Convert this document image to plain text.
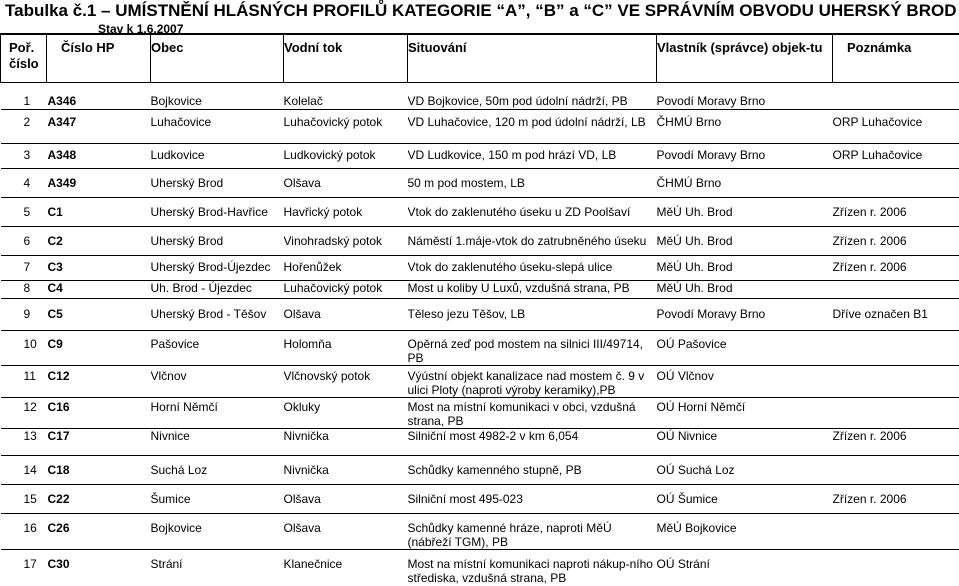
Tabulka č.1 – UMÍSTNĚNÍ HLÁSNÝCH PROFILŮ KATEGORIE “A”, “B” a “C” VE SPRÁVNÍM OBVODU UHERSKÝ BROD
Stav k 1.6.2007
Poř. číslo	Číslo HP	Obec	Vodní tok	Situování	Vlastník (správce) objek-tu	Poznámka
1	A346	Bojkovice	Kolelač	VD Bojkovice, 50m pod údolní nádrží, PB	Povodí Moravy Brno	
2	A347	Luhačovice	Luhačovický potok	VD Luhačovice, 120 m pod údolní nádrží, LB	ČHMÚ Brno	ORP Luhačovice
3	A348	Ludkovice	Ludkovický potok	VD Ludkovice, 150 m pod hrází VD, LB	Povodí Moravy Brno	ORP Luhačovice
4	A349	Uherský Brod	Olšava	50 m pod mostem, LB	ČHMÚ Brno	
5	C1	Uherský Brod-Havřice	Havřický potok	Vtok do zaklenutého úseku u ZD Poolšaví	MěÚ Uh. Brod	Zřízen r. 2006
6	C2	Uherský Brod	Vinohradský potok	Náměstí 1.máje-vtok do zatrubněného úseku	MěÚ Uh. Brod	Zřízen r. 2006
7	C3	Uherský Brod-Újezdec	Hořenůžek	Vtok do zaklenutého úseku-slepá ulice	MěÚ Uh. Brod	Zřízen r. 2006
8	C4	Uh. Brod - Újezdec	Luhačovický potok	Most u koliby U Luxů, vzdušná strana, PB	MěÚ Uh. Brod	
9	C5	Uherský Brod - Těšov	Olšava	Těleso jezu Těšov, LB	Povodí Moravy Brno	Dříve označen B1
10	C9	Pašovice	Holomňa	Opěrná zeď pod mostem na silnici III/49714, PB	OÚ Pašovice	
11	C12	Vlčnov	Vlčnovský potok	Výústní objekt kanalizace nad mostem č. 9 v ulici Ploty (naproti výroby keramiky),PB	OÚ Vlčnov	
12	C16	Horní Němčí	Okluky	Most na místní komunikaci v obci, vzdušná strana, PB	OÚ Horní Němčí	
13	C17	Nivnice	Nivnička	Silniční most 4982-2 v km 6,054	OÚ Nivnice	Zřízen r. 2006
14	C18	Suchá Loz	Nivnička	Schůdky kamenného stupně, PB	OÚ Suchá Loz	
15	C22	Šumice	Olšava	Silniční most 495-023	OÚ Šumice	Zřízen r. 2006
16	C26	Bojkovice	Olšava	Schůdky kamenné hráze, naproti MěÚ (nábřeží TGM), PB	MěÚ Bojkovice	
17	C30	Strání	Klanečnice	Most na místní komunikaci naproti nákup-ního střediska, vzdušná strana, PB	OÚ Strání	
